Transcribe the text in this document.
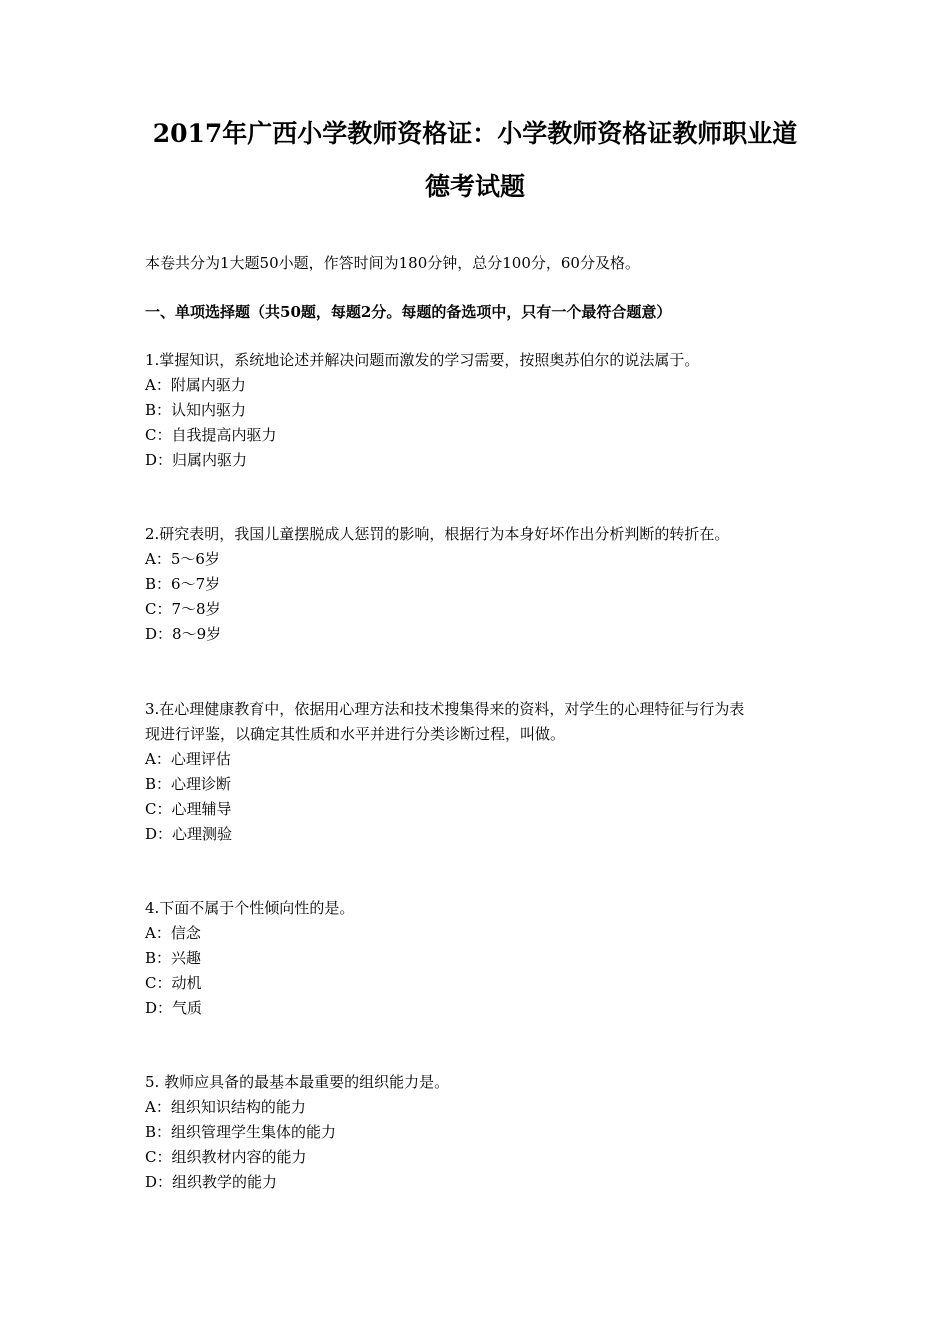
2017年广西小学教师资格证：小学教师资格证教师职业道
德考试题
本卷共分为1大题50小题，作答时间为180分钟，总分100分，60分及格。
一、单项选择题（共50题，每题2分。每题的备选项中，只有一个最符合题意）
1.掌握知识，系统地论述并解决问题而激发的学习需要，按照奥苏伯尔的说法属于。
A：附属内驱力
B：认知内驱力
C：自我提高内驱力
D：归属内驱力
2.研究表明，我国儿童摆脱成人惩罚的影响，根据行为本身好坏作出分析判断的转折在。
A：5～6岁
B：6～7岁
C：7～8岁
D：8～9岁
3.在心理健康教育中，依据用心理方法和技术搜集得来的资料，对学生的心理特征与行为表
现进行评鉴，以确定其性质和水平并进行分类诊断过程，叫做。
A：心理评估
B：心理诊断
C：心理辅导
D：心理测验
4.下面不属于个性倾向性的是。
A：信念
B：兴趣
C：动机
D：气质
5. 教师应具备的最基本最重要的组织能力是。
A：组织知识结构的能力
B：组织管理学生集体的能力
C：组织教材内容的能力
D：组织教学的能力
